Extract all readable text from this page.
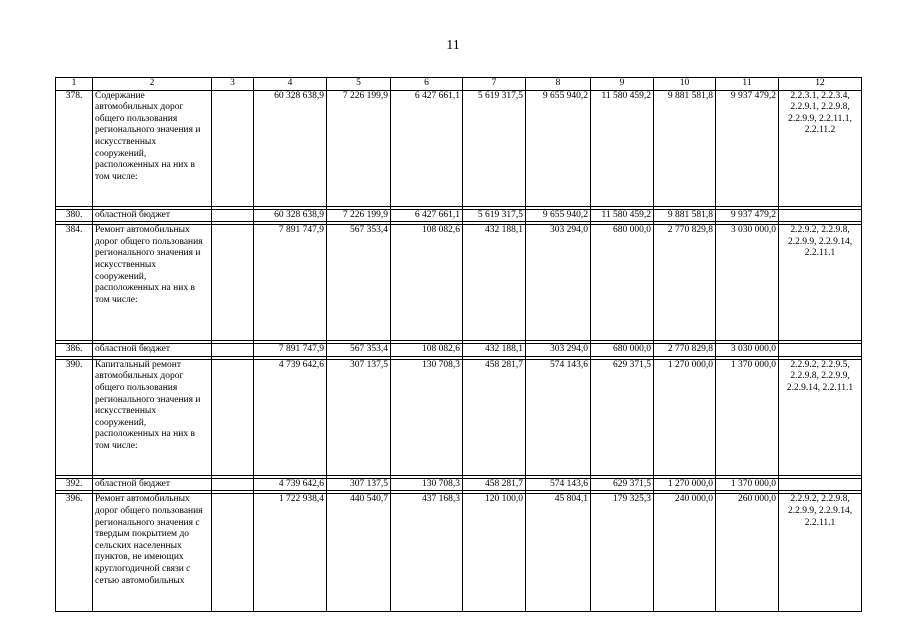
11
1	2	3	4	5	6	7	8	9	10	11	12
378.	Содержание автомобильных дорог общего пользования регионального значения и искусственных сооружений, расположенных на них в том числе:		60 328 638,9	7 226 199,9	6 427 661,1	5 619 317,5	9 655 940,2	11 580 459,2	9 881 581,8	9 937 479,2	2.2.3.1, 2.2.3.4, 2.2.9.1, 2.2.9.8, 2.2.9.9, 2.2.11.1, 2.2.11.2

380.	областной бюджет		60 328 638,9	7 226 199,9	6 427 661,1	5 619 317,5	9 655 940,2	11 580 459,2	9 881 581,8	9 937 479,2	

384.	Ремонт автомобильных дорог общего пользования регионального значения и искусственных сооружений, расположенных на них в том числе:		7 891 747,9	567 353,4	108 082,6	432 188,1	303 294,0	680 000,0	2 770 829,8	3 030 000,0	2.2.9.2, 2.2.9.8, 2.2.9.9, 2.2.9.14, 2.2.11.1

386.	областной бюджет		7 891 747,9	567 353,4	108 082,6	432 188,1	303 294,0	680 000,0	2 770 829,8	3 030 000,0	

390.	Капитальный ремонт автомобильных дорог общего пользования регионального значения и искусственных сооружений, расположенных на них в том числе:		4 739 642,6	307 137,5	130 708,3	458 281,7	574 143,6	629 371,5	1 270 000,0	1 370 000,0	2.2.9.2, 2.2.9.5, 2.2.9.8, 2.2.9.9, 2.2.9.14, 2.2.11.1

392.	областной бюджет		4 739 642,6	307 137,5	130 708,3	458 281,7	574 143,6	629 371,5	1 270 000,0	1 370 000,0	

396.	Ремонт автомобильных дорог общего пользования регионального значения с твердым покрытием до сельских населенных пунктов, не имеющих круглогодичной связи с сетью автомобильных		1 722 938,4	440 540,7	437 168,3	120 100,0	45 804,1	179 325,3	240 000,0	260 000,0	2.2.9.2, 2.2.9.8, 2.2.9.9, 2.2.9.14, 2.2.11.1
